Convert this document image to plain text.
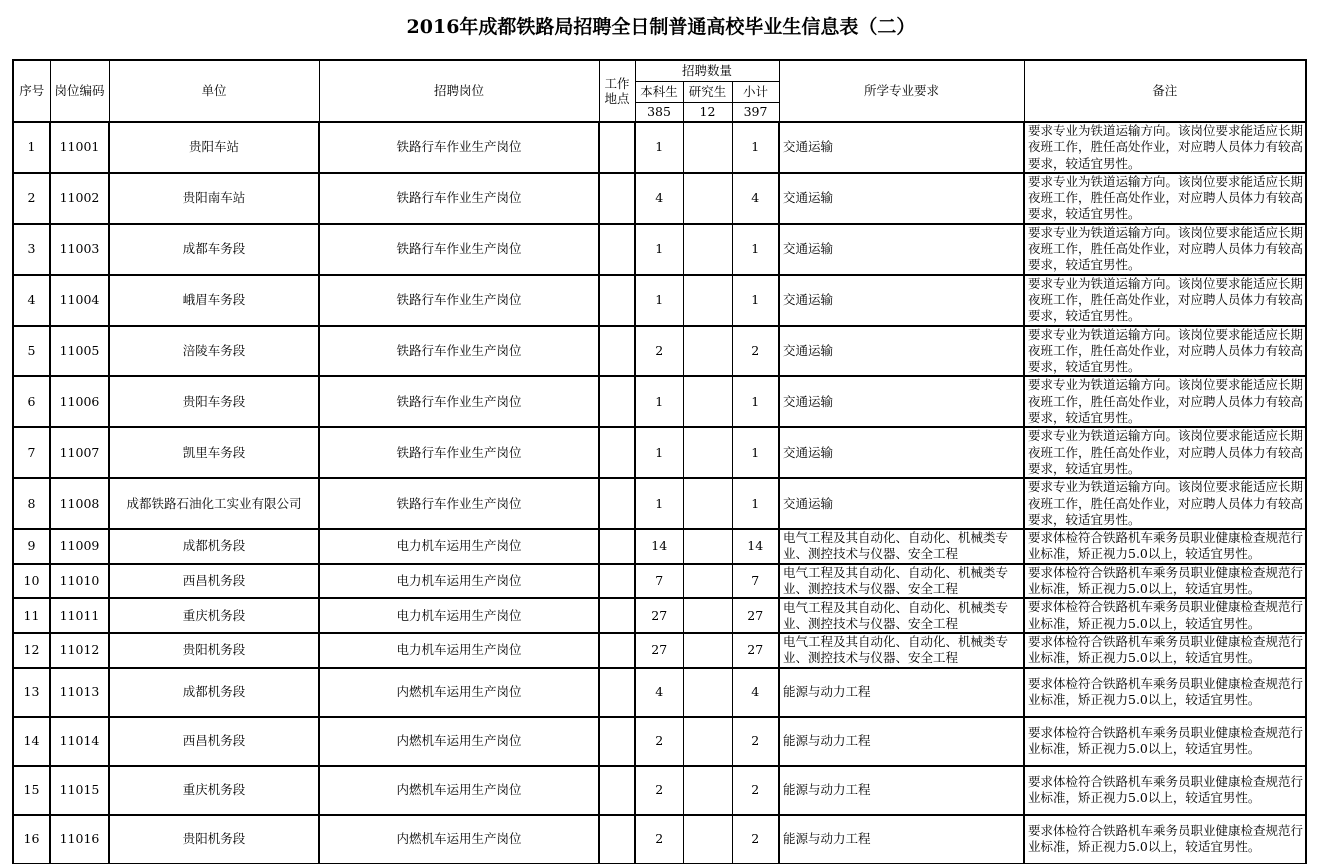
2016年成都铁路局招聘全日制普通高校毕业生信息表（二）
序号	岗位编码	单位	招聘岗位	工作地点	招聘数量			所学专业要求	备注
					本科生	研究生	小计		
					385	12	397		
1	11001	贵阳车站	铁路行车作业生产岗位		1		1	交通运输	要求专业为铁道运输方向。该岗位要求能适应长期夜班工作，胜任高处作业，对应聘人员体力有较高要求，较适宜男性。
2	11002	贵阳南车站	铁路行车作业生产岗位		4		4	交通运输	要求专业为铁道运输方向。该岗位要求能适应长期夜班工作，胜任高处作业，对应聘人员体力有较高要求，较适宜男性。
3	11003	成都车务段	铁路行车作业生产岗位		1		1	交通运输	要求专业为铁道运输方向。该岗位要求能适应长期夜班工作，胜任高处作业，对应聘人员体力有较高要求，较适宜男性。
4	11004	峨眉车务段	铁路行车作业生产岗位		1		1	交通运输	要求专业为铁道运输方向。该岗位要求能适应长期夜班工作，胜任高处作业，对应聘人员体力有较高要求，较适宜男性。
5	11005	涪陵车务段	铁路行车作业生产岗位		2		2	交通运输	要求专业为铁道运输方向。该岗位要求能适应长期夜班工作，胜任高处作业，对应聘人员体力有较高要求，较适宜男性。
6	11006	贵阳车务段	铁路行车作业生产岗位		1		1	交通运输	要求专业为铁道运输方向。该岗位要求能适应长期夜班工作，胜任高处作业，对应聘人员体力有较高要求，较适宜男性。
7	11007	凯里车务段	铁路行车作业生产岗位		1		1	交通运输	要求专业为铁道运输方向。该岗位要求能适应长期夜班工作，胜任高处作业，对应聘人员体力有较高要求，较适宜男性。
8	11008	成都铁路石油化工实业有限公司	铁路行车作业生产岗位		1		1	交通运输	要求专业为铁道运输方向。该岗位要求能适应长期夜班工作，胜任高处作业，对应聘人员体力有较高要求，较适宜男性。
9	11009	成都机务段	电力机车运用生产岗位		14		14	电气工程及其自动化、自动化、机械类专业、测控技术与仪器、安全工程	要求体检符合铁路机车乘务员职业健康检查规范行业标准，矫正视力5.0以上，较适宜男性。
10	11010	西昌机务段	电力机车运用生产岗位		7		7	电气工程及其自动化、自动化、机械类专业、测控技术与仪器、安全工程	要求体检符合铁路机车乘务员职业健康检查规范行业标准，矫正视力5.0以上，较适宜男性。
11	11011	重庆机务段	电力机车运用生产岗位		27		27	电气工程及其自动化、自动化、机械类专业、测控技术与仪器、安全工程	要求体检符合铁路机车乘务员职业健康检查规范行业标准，矫正视力5.0以上，较适宜男性。
12	11012	贵阳机务段	电力机车运用生产岗位		27		27	电气工程及其自动化、自动化、机械类专业、测控技术与仪器、安全工程	要求体检符合铁路机车乘务员职业健康检查规范行业标准，矫正视力5.0以上，较适宜男性。
13	11013	成都机务段	内燃机车运用生产岗位		4		4	能源与动力工程	要求体检符合铁路机车乘务员职业健康检查规范行业标准，矫正视力5.0以上，较适宜男性。
14	11014	西昌机务段	内燃机车运用生产岗位		2		2	能源与动力工程	要求体检符合铁路机车乘务员职业健康检查规范行业标准，矫正视力5.0以上，较适宜男性。
15	11015	重庆机务段	内燃机车运用生产岗位		2		2	能源与动力工程	要求体检符合铁路机车乘务员职业健康检查规范行业标准，矫正视力5.0以上，较适宜男性。
16	11016	贵阳机务段	内燃机车运用生产岗位		2		2	能源与动力工程	要求体检符合铁路机车乘务员职业健康检查规范行业标准，矫正视力5.0以上，较适宜男性。
